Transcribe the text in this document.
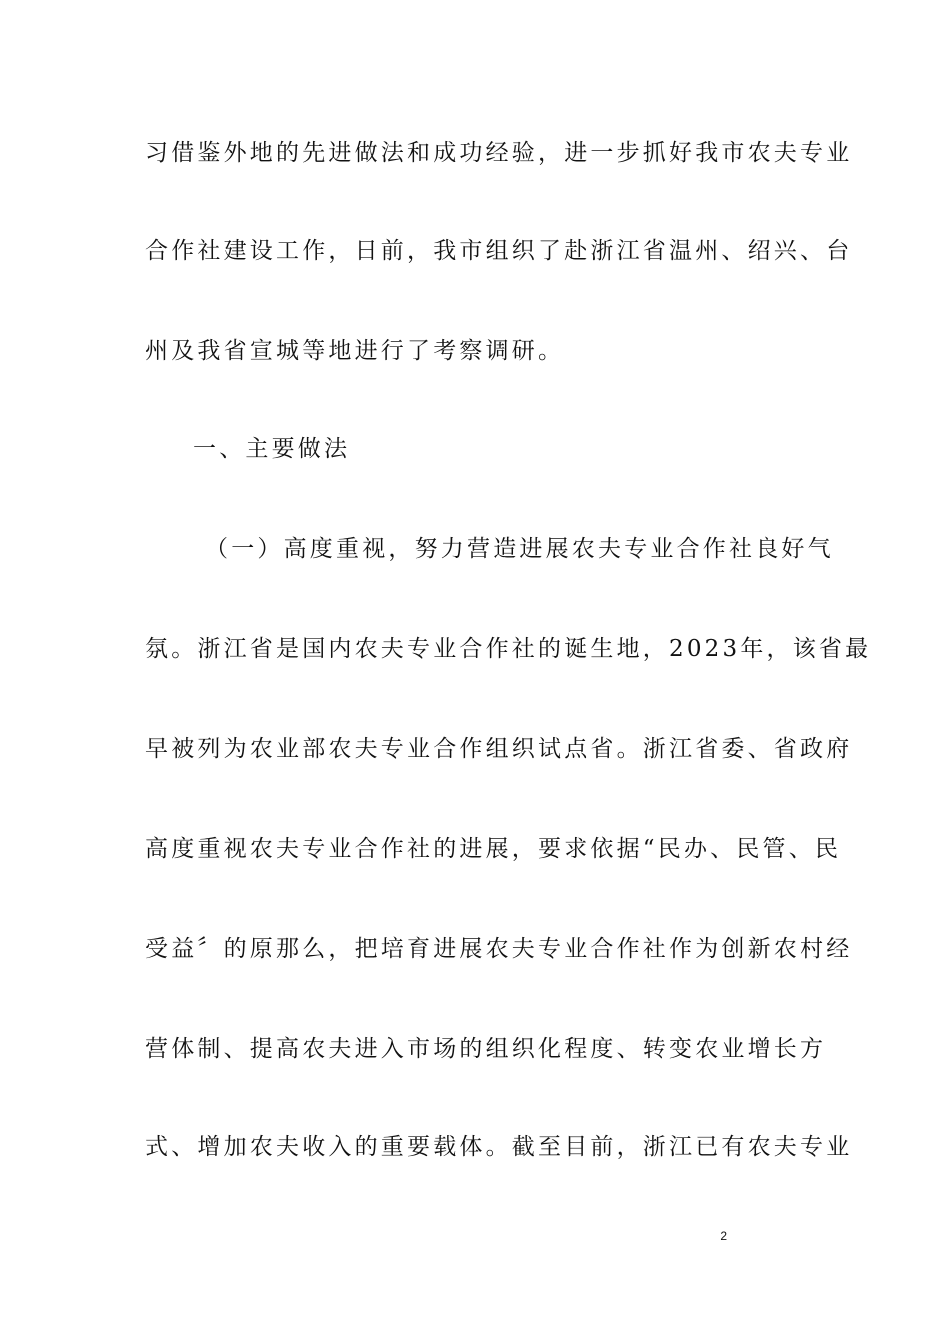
习借鉴外地的先进做法和成功经验，进一步抓好我市农夫专业
合作社建设工作，日前，我市组织了赴浙江省温州、绍兴、台
州及我省宣城等地进行了考察调研。
一、主要做法
（一）高度重视，努力营造进展农夫专业合作社良好气
氛。浙江省是国内农夫专业合作社的诞生地，2023年，该省最
早被列为农业部农夫专业合作组织试点省。浙江省委、省政府
高度重视农夫专业合作社的进展，要求依据“民办、民管、民
受益〞的原那么，把培育进展农夫专业合作社作为创新农村经
营体制、提高农夫进入市场的组织化程度、转变农业增长方
式、增加农夫收入的重要载体。截至目前，浙江已有农夫专业
2
